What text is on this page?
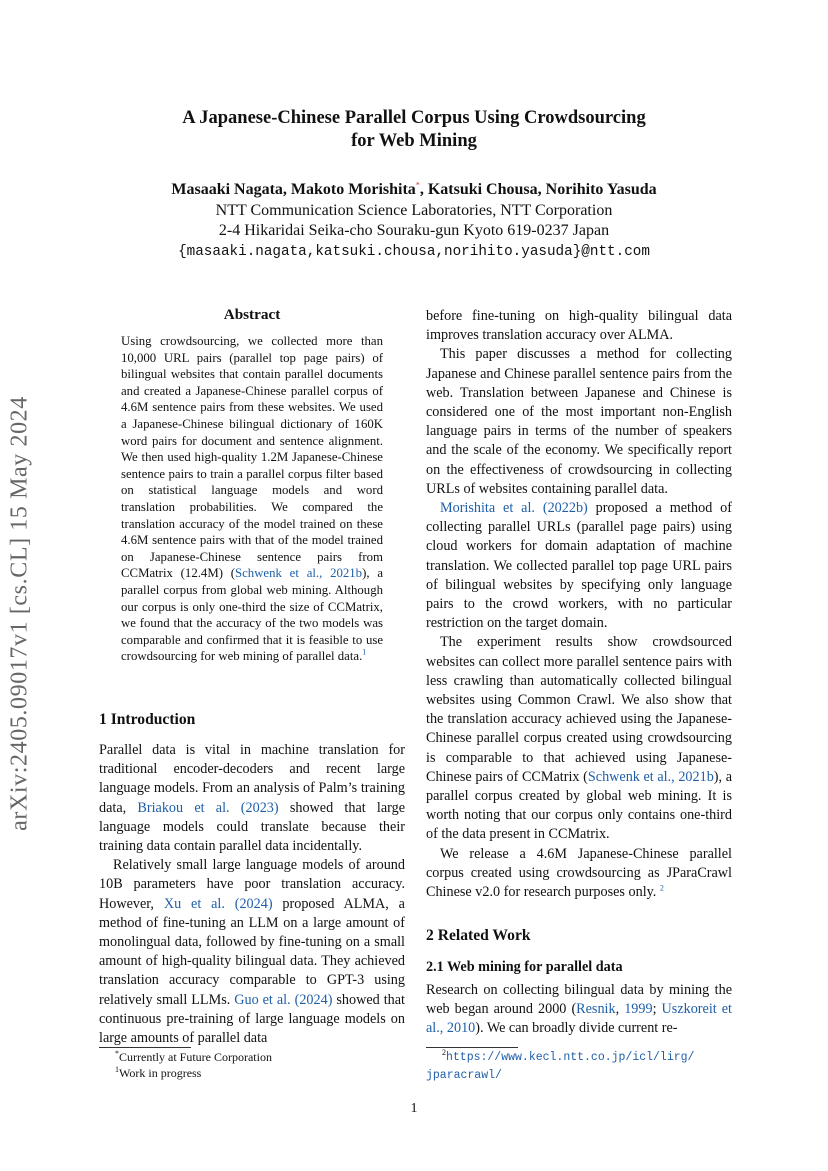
arXiv:2405.09017v1 [cs.CL] 15 May 2024
A Japanese-Chinese Parallel Corpus Using Crowdsourcing
for Web Mining
Masaaki Nagata, Makoto Morishita*, Katsuki Chousa, Norihito Yasuda
NTT Communication Science Laboratories, NTT Corporation
2-4 Hikaridai Seika-cho Souraku-gun Kyoto 619-0237 Japan
{masaaki.nagata,katsuki.chousa,norihito.yasuda}@ntt.com
Abstract
Using crowdsourcing, we collected more than 10,000 URL pairs (parallel top page pairs) of bilingual websites that contain parallel documents and created a Japanese-Chinese parallel corpus of 4.6M sentence pairs from these websites. We used a Japanese-Chinese bilingual dictionary of 160K word pairs for document and sentence alignment. We then used high-quality 1.2M Japanese-Chinese sentence pairs to train a parallel corpus filter based on statistical language models and word translation probabilities. We compared the translation accuracy of the model trained on these 4.6M sentence pairs with that of the model trained on Japanese-Chinese sentence pairs from CCMatrix (12.4M) (Schwenk et al., 2021b), a parallel corpus from global web mining. Although our corpus is only one-third the size of CCMatrix, we found that the accuracy of the two models was comparable and confirmed that it is feasible to use crowdsourcing for web mining of parallel data.$^1$
1 Introduction
Parallel data is vital in machine translation for traditional encoder-decoders and recent large language models. From an analysis of Palm’s training data, Briakou et al. (2023) showed that large language models could translate because their training data contain parallel data incidentally.
Relatively small large language models of around 10B parameters have poor translation accuracy. However, Xu et al. (2024) proposed ALMA, a method of fine-tuning an LLM on a large amount of monolingual data, followed by fine-tuning on a small amount of high-quality bilingual data. They achieved translation accuracy comparable to GPT-3 using relatively small LLMs. Guo et al. (2024) showed that continuous pre-training of large language models on large amounts of parallel data
*Currently at Future Corporation
$^1$Work in progress
before fine-tuning on high-quality bilingual data improves translation accuracy over ALMA.
This paper discusses a method for collecting Japanese and Chinese parallel sentence pairs from the web. Translation between Japanese and Chinese is considered one of the most important non-English language pairs in terms of the number of speakers and the scale of the economy. We specifically report on the effectiveness of crowdsourcing in collecting URLs of websites containing parallel data.
Morishita et al. (2022b) proposed a method of collecting parallel URLs (parallel page pairs) using cloud workers for domain adaptation of machine translation. We collected parallel top page URL pairs of bilingual websites by specifying only language pairs to the crowd workers, with no particular restriction on the target domain.
The experiment results show crowdsourced websites can collect more parallel sentence pairs with less crawling than automatically collected bilingual websites using Common Crawl. We also show that the translation accuracy achieved using the Japanese-Chinese parallel corpus created using crowdsourcing is comparable to that achieved using Japanese-Chinese pairs of CCMatrix (Schwenk et al., 2021b), a parallel corpus created by global web mining. It is worth noting that our corpus only contains one-third of the data present in CCMatrix.
We release a 4.6M Japanese-Chinese parallel corpus created using crowdsourcing as JParaCrawl Chinese v2.0 for research purposes only. $^2$
2 Related Work
2.1 Web mining for parallel data
Research on collecting bilingual data by mining the web began around 2000 (Resnik, 1999; Uszkoreit et al., 2010). We can broadly divide current re-
$^2$https://www.kecl.ntt.co.jp/icl/lirg/
jparacrawl/
1
